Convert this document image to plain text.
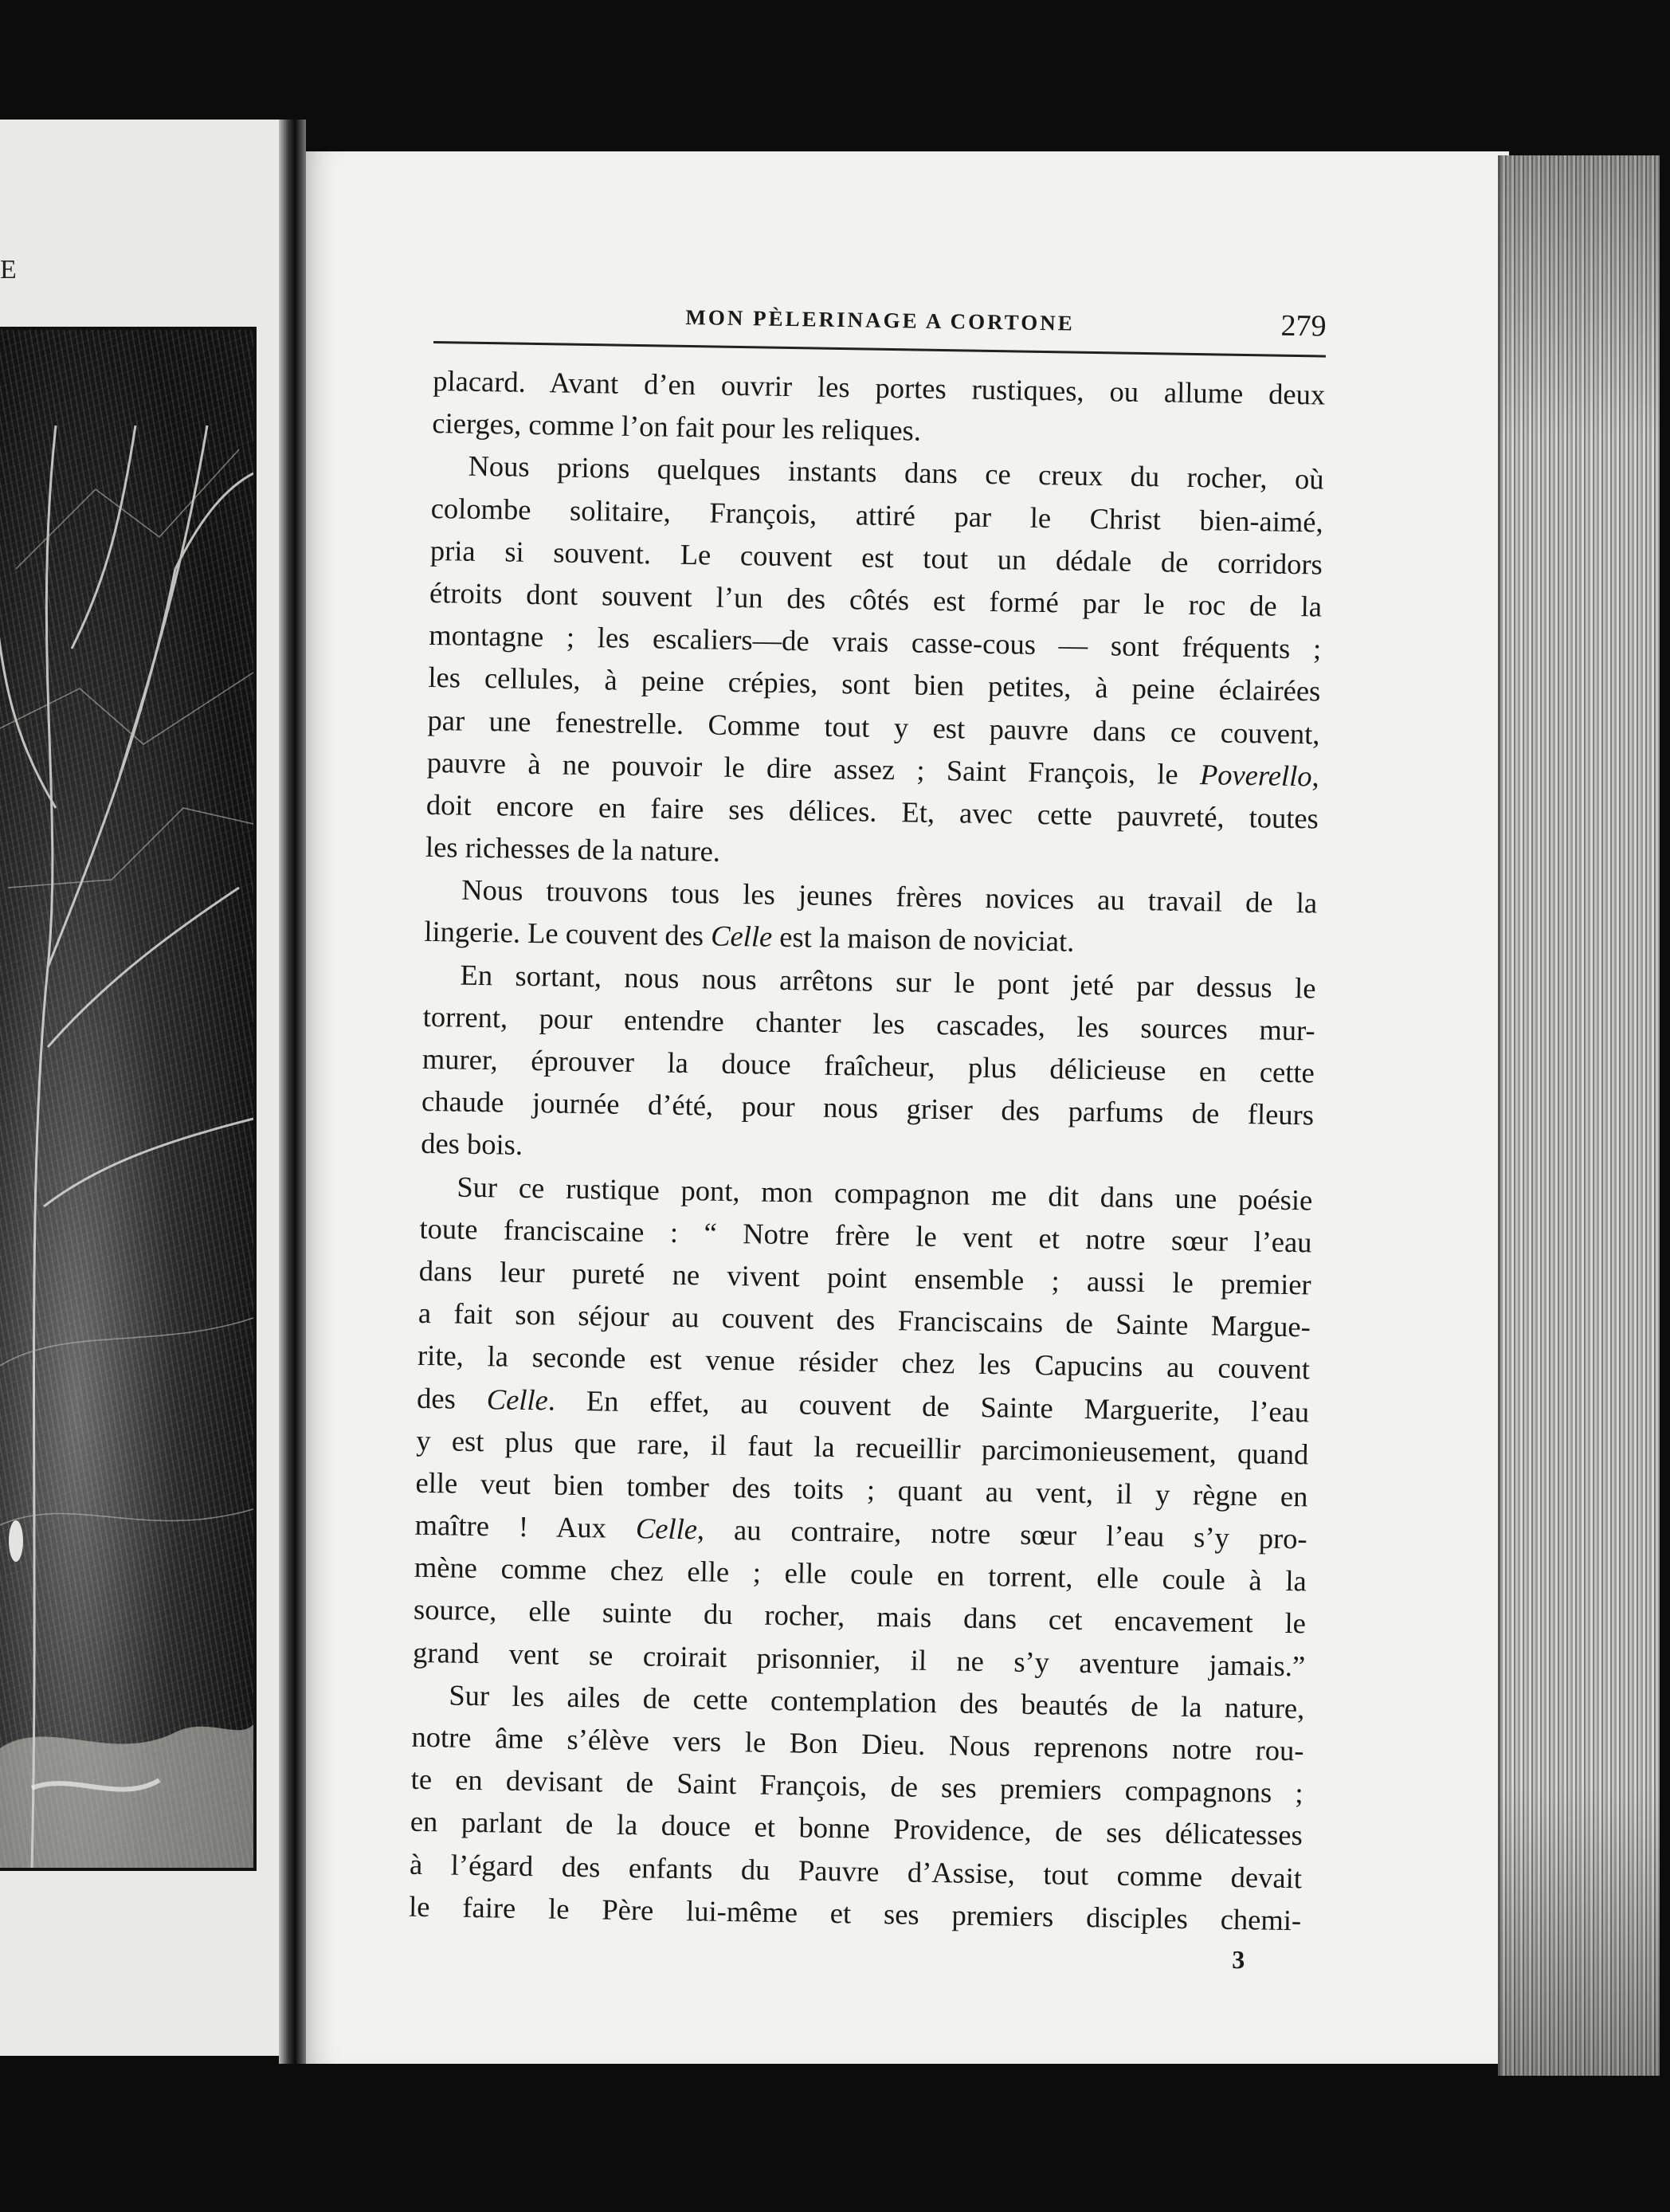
E
MON PÈLERINAGE A CORTONE	279
placard. Avant d’en ouvrir les portes rustiques, ou allume deux
cierges, comme l’on fait pour les reliques.
Nous prions quelques instants dans ce creux du rocher, où
colombe solitaire, François, attiré par le Christ bien-aimé,
pria si souvent. Le couvent est tout un dédale de corridors
étroits dont souvent l’un des côtés est formé par le roc de la
montagne ; les escaliers—de vrais casse-cous — sont fréquents ;
les cellules, à peine crépies, sont bien petites, à peine éclairées
par une fenestrelle. Comme tout y est pauvre dans ce couvent,
pauvre à ne pouvoir le dire assez ; Saint François, le Poverello,
doit encore en faire ses délices. Et, avec cette pauvreté, toutes
les richesses de la nature.
Nous trouvons tous les jeunes frères novices au travail de la
lingerie. Le couvent des Celle est la maison de noviciat.
En sortant, nous nous arrêtons sur le pont jeté par dessus le
torrent, pour entendre chanter les cascades, les sources mur-
murer, éprouver la douce fraîcheur, plus délicieuse en cette
chaude journée d’été, pour nous griser des parfums de fleurs
des bois.
Sur ce rustique pont, mon compagnon me dit dans une poésie
toute franciscaine : “ Notre frère le vent et notre sœur l’eau
dans leur pureté ne vivent point ensemble ; aussi le premier
a fait son séjour au couvent des Franciscains de Sainte Margue-
rite, la seconde est venue résider chez les Capucins au couvent
des Celle. En effet, au couvent de Sainte Marguerite, l’eau
y est plus que rare, il faut la recueillir parcimonieusement, quand
elle veut bien tomber des toits ; quant au vent, il y règne en
maître ! Aux Celle, au contraire, notre sœur l’eau s’y pro-
mène comme chez elle ; elle coule en torrent, elle coule à la
source, elle suinte du rocher, mais dans cet encavement le
grand vent se croirait prisonnier, il ne s’y aventure jamais.”
Sur les ailes de cette contemplation des beautés de la nature,
notre âme s’élève vers le Bon Dieu. Nous reprenons notre rou-
te en devisant de Saint François, de ses premiers compagnons ;
en parlant de la douce et bonne Providence, de ses délicatesses
à l’égard des enfants du Pauvre d’Assise, tout comme devait
le faire le Père lui-même et ses premiers disciples chemi-
3
